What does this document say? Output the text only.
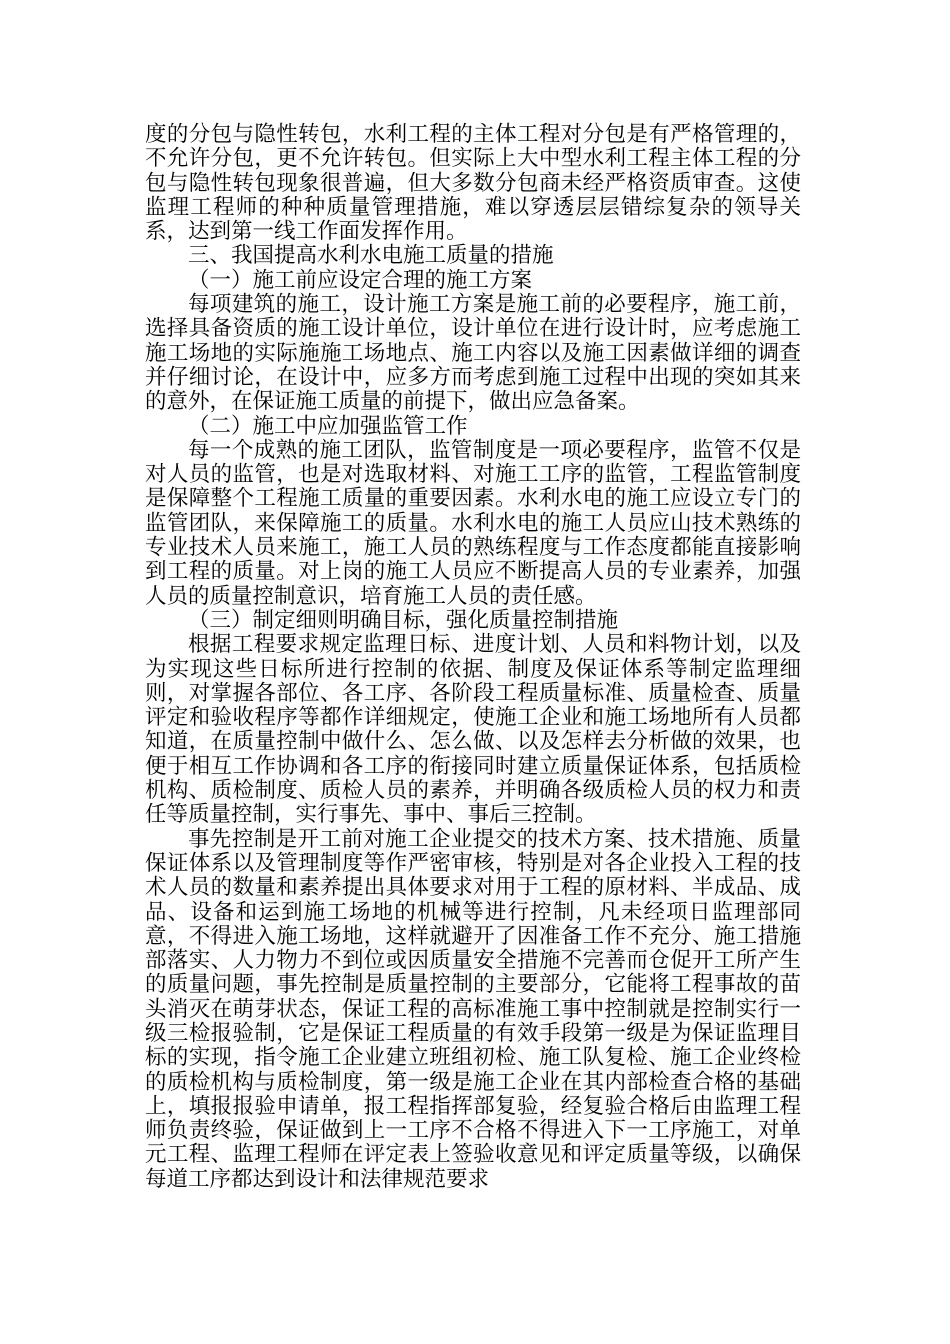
度的分包与隐性转包，水利工程的主体工程对分包是有严格管理的，不允许分包，更不允许转包。但实际上大中型水利工程主体工程的分包与隐性转包现象很普遍，但大多数分包商未经严格资质审查。这使监理工程师的种种质量管理措施，难以穿透层层错综复杂的领导关系，达到第一线工作面发挥作用。

三、我国提高水利水电施工质量的措施

（一）施工前应设定合理的施工方案

每项建筑的施工，设计施工方案是施工前的必要程序，施工前，选择具备资质的施工设计单位，设计单位在进行设计时，应考虑施工施工场地的实际施施工场地点、施工内容以及施工因素做详细的调查并仔细讨论，在设计中，应多方而考虑到施工过程中出现的突如其来的意外，在保证施工质量的前提下，做出应急备案。

（二）施工中应加强监管工作

每一个成熟的施工团队，监管制度是一项必要程序，监管不仅是对人员的监管，也是对选取材料、对施工工序的监管，工程监管制度是保障整个工程施工质量的重要因素。水利水电的施工应设立专门的监管团队，来保障施工的质量。水利水电的施工人员应山技术熟练的专业技术人员来施工，施工人员的熟练程度与工作态度都能直接影响到工程的质量。对上岗的施工人员应不断提高人员的专业素养，加强人员的质量控制意识，培育施工人员的责任感。

（三）制定细则明确目标，强化质量控制措施

根据工程要求规定监理日标、进度计划、人员和料物计划，以及为实现这些日标所进行控制的依据、制度及保证体系等制定监理细则，对掌握各部位、各工序、各阶段工程质量标准、质量检查、质量评定和验收程序等都作详细规定，使施工企业和施工场地所有人员都知道，在质量控制中做什么、怎么做、以及怎样去分析做的效果，也便于相互工作协调和各工序的衔接同时建立质量保证体系，包括质检机构、质检制度、质检人员的素养，并明确各级质检人员的权力和责任等质量控制，实行事先、事中、事后三控制。

事先控制是开工前对施工企业提交的技术方案、技术措施、质量保证体系以及管理制度等作严密审核，特别是对各企业投入工程的技术人员的数量和素养提出具体要求对用于工程的原材料、半成品、成品、设备和运到施工场地的机械等进行控制，凡未经项日监理部同意，不得进入施工场地，这样就避开了因准备工作不充分、施工措施部落实、人力物力不到位或因质量安全措施不完善而仓促开工所产生的质量问题，事先控制是质量控制的主要部分，它能将工程事故的苗头消灭在萌芽状态，保证工程的高标准施工事中控制就是控制实行一级三检报验制，它是保证工程质量的有效手段第一级是为保证监理目标的实现，指令施工企业建立班组初检、施工队复检、施工企业终检的质检机构与质检制度，第一级是施工企业在其内部检查合格的基础上，填报报验申请单，报工程指挥部复验，经复验合格后由监理工程师负责终验，保证做到上一工序不合格不得进入下一工序施工，对单元工程、监理工程师在评定表上签验收意见和评定质量等级，以确保每道工序都达到设计和法律规范要求
